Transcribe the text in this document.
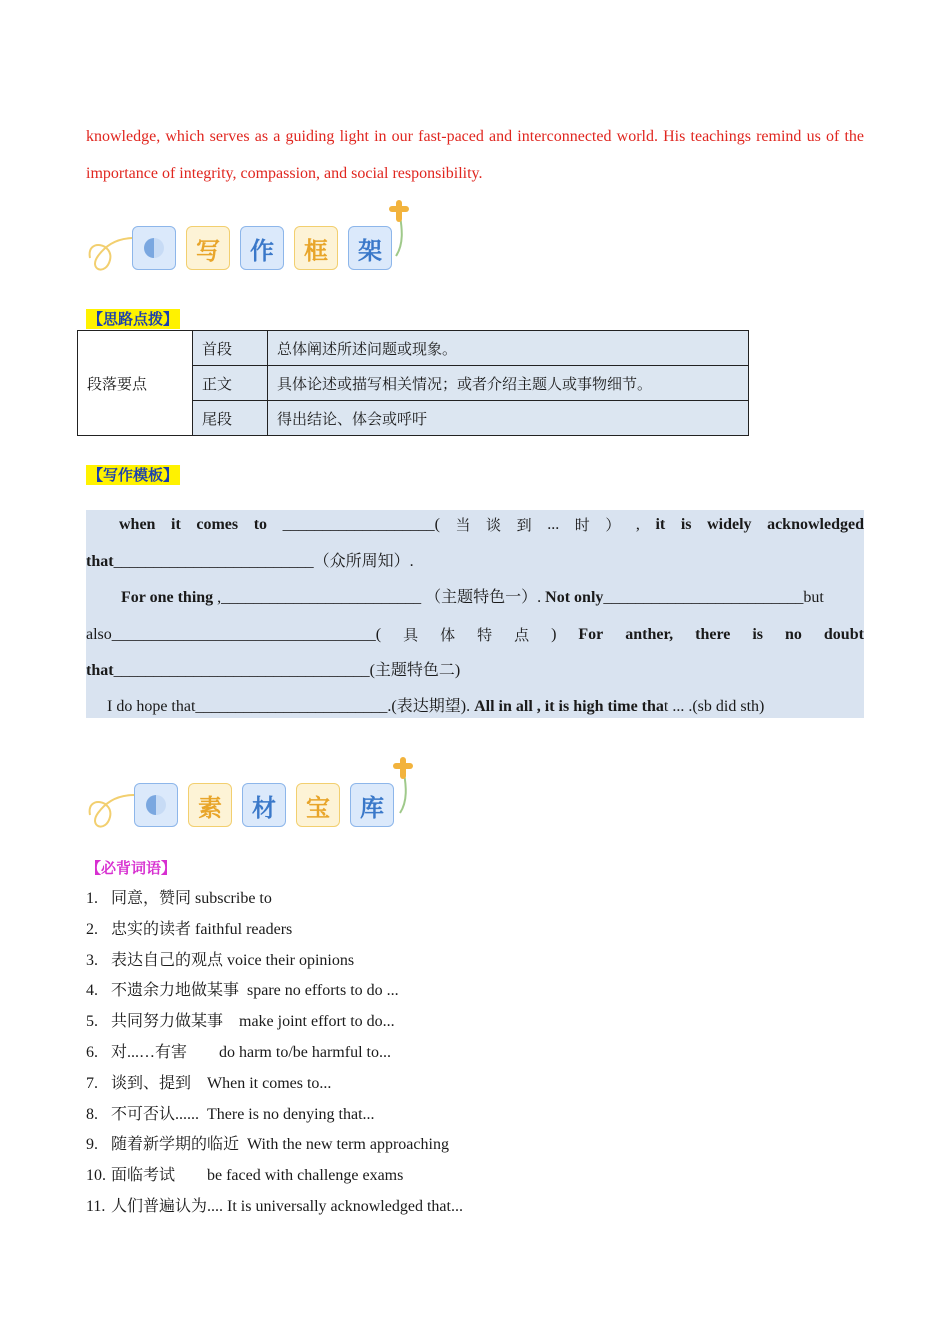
knowledge, which serves as a guiding light in our fast-paced and interconnected world. His teachings remind us of the importance of integrity, compassion, and social responsibility.
写	作	框	架
【思路点拨】
段落要点	首段	总体阐述所述问题或现象。
	正文	具体论述或描写相关情况；或者介绍主题人或事物细节。
	尾段	得出结论、体会或呼吁
【写作模板】
when it comes to ___________________( 当 谈 到 ... 时 ） , it is widely acknowledged
that_________________________（众所周知）.
For one thing ,_________________________ （主题特色一）. Not only_________________________but
also_________________________________( 具 体 特 点 ) For anther, there is no doubt
that________________________________(主题特色二)
I do hope that________________________.(表达期望). All in all , it is high time that ... .(sb did sth)
素	材	宝	库
【必背词语】
1. 同意，赞同 subscribe to
2. 忠实的读者 faithful readers
3. 表达自己的观点 voice their opinions
4. 不遗余力地做某事  spare no efforts to do ...
5. 共同努力做某事    make joint effort to do...
6. 对...…有害        do harm to/be harmful to...
7. 谈到、提到    When it comes to...
8. 不可否认......  There is no denying that...
9. 随着新学期的临近  With the new term approaching
10. 面临考试        be faced with challenge exams
11. 人们普遍认为.... It is universally acknowledged that...
